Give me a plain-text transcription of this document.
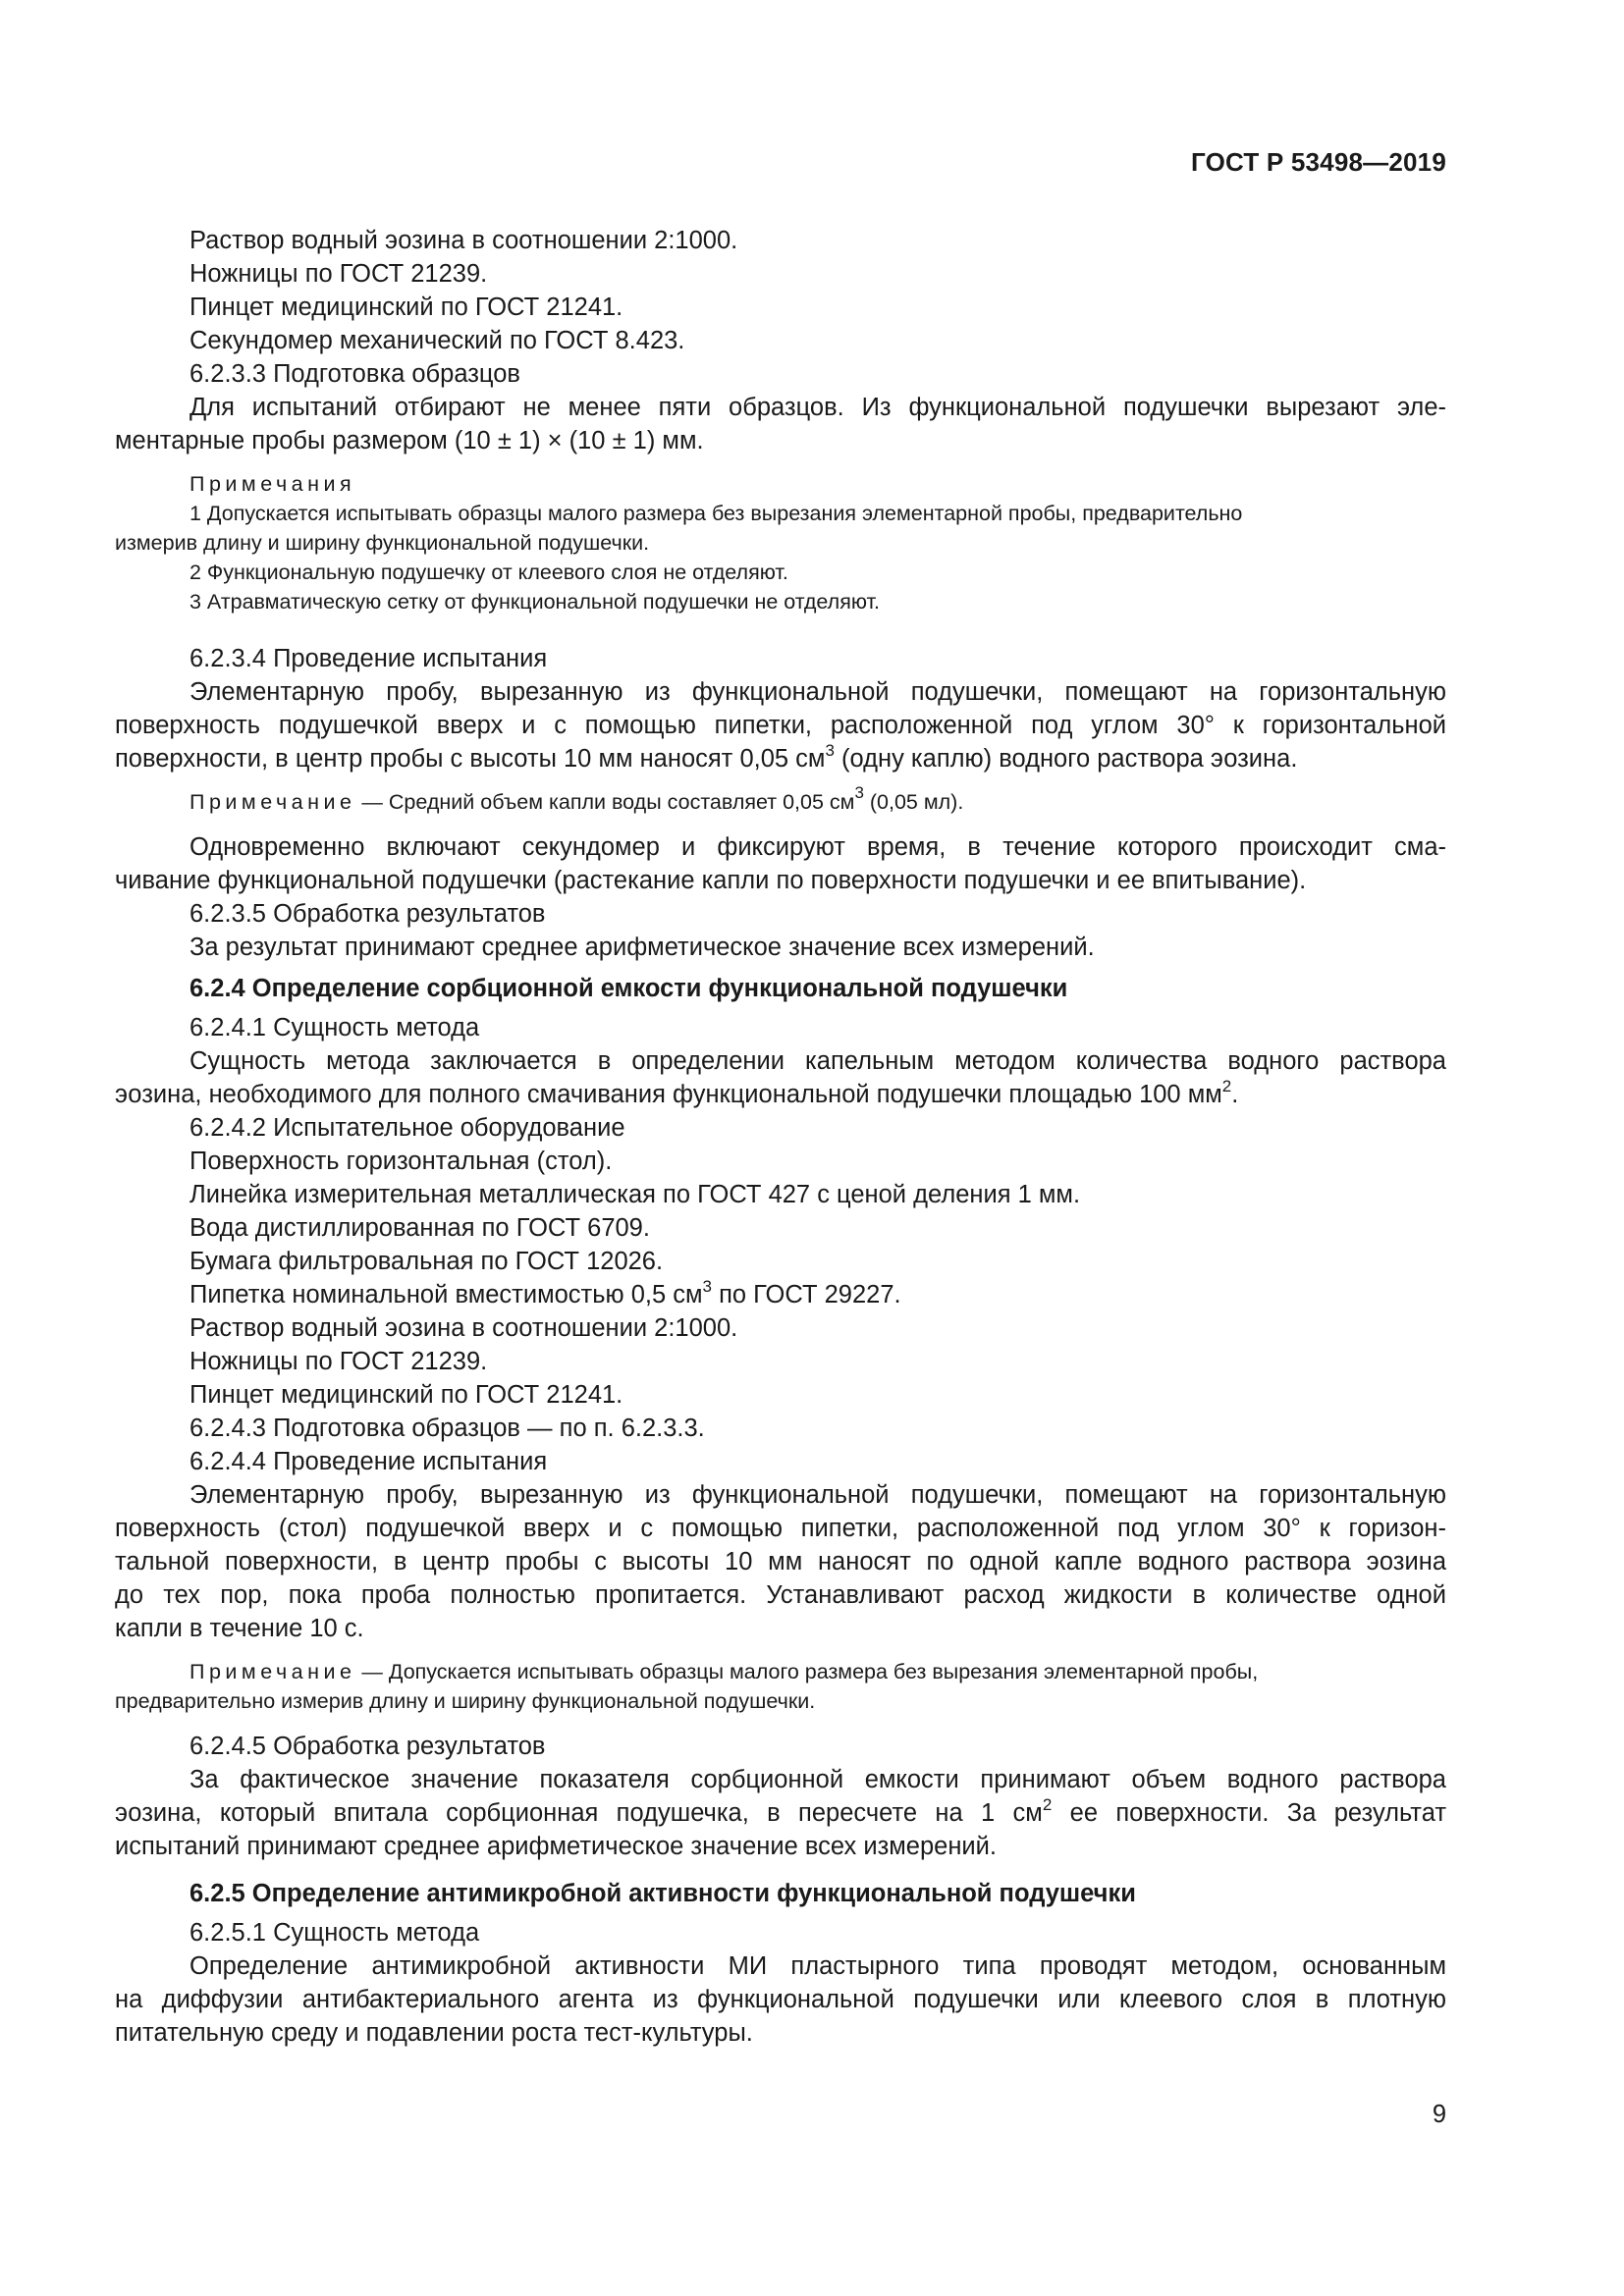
ГОСТ Р 53498—2019

Раствор водный эозина в соотношении 2:1000.

Ножницы по ГОСТ 21239.

Пинцет медицинский по ГОСТ 21241.

Секундомер механический по ГОСТ 8.423.

6.2.3.3 Подготовка образцов

Для испытаний отбирают не менее пяти образцов. Из функциональной подушечки вырезают эле-
ментарные пробы размером (10 ± 1) × (10 ± 1) мм.

Примечания

1 Допускается испытывать образцы малого размера без вырезания элементарной пробы, предварительно

измерив длину и ширину функциональной подушечки.

2 Функциональную подушечку от клеевого слоя не отделяют.

3 Атравматическую сетку от функциональной подушечки не отделяют.

6.2.3.4 Проведение испытания

Элементарную пробу, вырезанную из функциональной подушечки, помещают на горизонтальную
поверхность подушечкой вверх и с помощью пипетки, расположенной под углом 30° к горизонтальной
поверхности, в центр пробы с высоты 10 мм наносят 0,05 $см^3$ (одну каплю) водного раствора эозина.

Примечание — Средний объем капли воды составляет 0,05 $см^3$ (0,05 мл).

Одновременно включают секундомер и фиксируют время, в течение которого происходит сма-
чивание функциональной подушечки (растекание капли по поверхности подушечки и ее впитывание).

6.2.3.5 Обработка результатов

За результат принимают среднее арифметическое значение всех измерений.

6.2.4 Определение сорбционной емкости функциональной подушечки

6.2.4.1 Сущность метода

Сущность метода заключается в определении капельным методом количества водного раствора
эозина, необходимого для полного смачивания функциональной подушечки площадью 100 $мм^2$.

6.2.4.2 Испытательное оборудование

Поверхность горизонтальная (стол).

Линейка измерительная металлическая по ГОСТ 427 с ценой деления 1 мм.

Вода дистиллированная по ГОСТ 6709.

Бумага фильтровальная по ГОСТ 12026.

Пипетка номинальной вместимостью 0,5 $см^3$ по ГОСТ 29227.

Раствор водный эозина в соотношении 2:1000.

Ножницы по ГОСТ 21239.

Пинцет медицинский по ГОСТ 21241.

6.2.4.3 Подготовка образцов — по п. 6.2.3.3.

6.2.4.4 Проведение испытания

Элементарную пробу, вырезанную из функциональной подушечки, помещают на горизонтальную
поверхность (стол) подушечкой вверх и с помощью пипетки, расположенной под углом 30° к горизон-
тальной поверхности, в центр пробы с высоты 10 мм наносят по одной капле водного раствора эозина
до тех пор, пока проба полностью пропитается. Устанавливают расход жидкости в количестве одной
капли в течение 10 с.

Примечание — Допускается испытывать образцы малого размера без вырезания элементарной пробы,

предварительно измерив длину и ширину функциональной подушечки.

6.2.4.5 Обработка результатов

За фактическое значение показателя сорбционной емкости принимают объем водного раствора
эозина, который впитала сорбционная подушечка, в пересчете на 1 $см^2$ ее поверхности. За результат
испытаний принимают среднее арифметическое значение всех измерений.

6.2.5 Определение антимикробной активности функциональной подушечки

6.2.5.1 Сущность метода

Определение антимикробной активности МИ пластырного типа проводят методом, основанным
на диффузии антибактериального агента из функциональной подушечки или клеевого слоя в плотную
питательную среду и подавлении роста тест-культуры.
9
